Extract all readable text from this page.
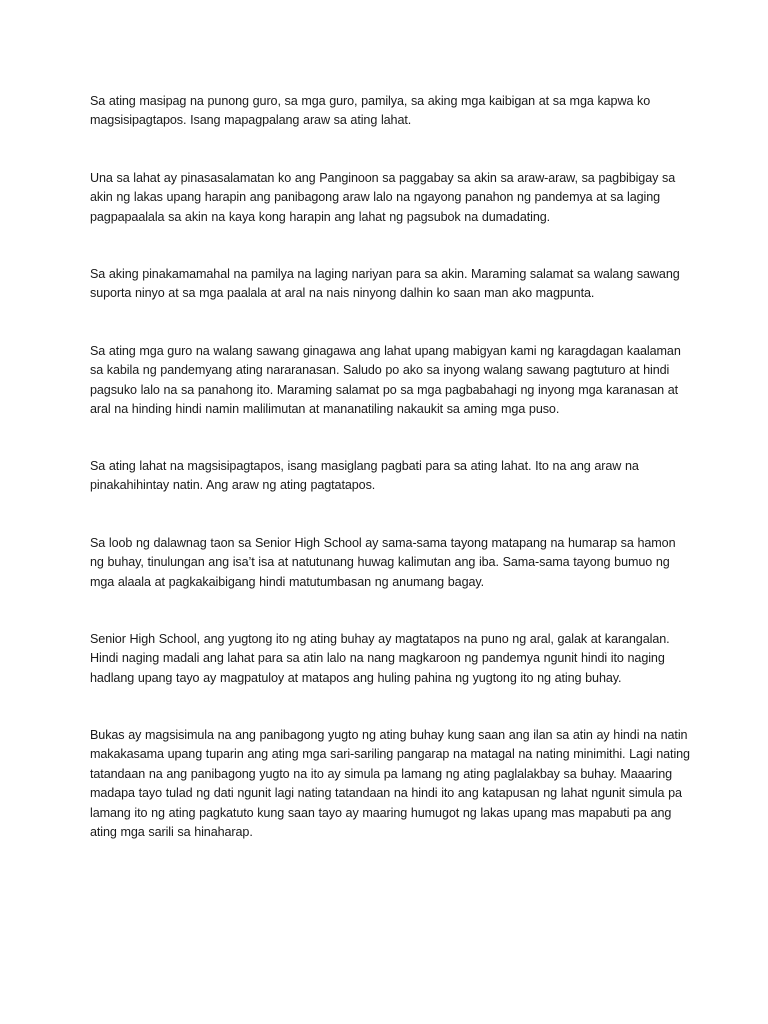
Sa ating masipag na punong guro, sa mga guro, pamilya, sa aking mga kaibigan at sa mga kapwa ko magsisipagtapos. Isang mapagpalang araw sa ating lahat.

Una sa lahat ay pinasasalamatan ko ang Panginoon sa paggabay sa akin sa araw-araw, sa pagbibigay sa akin ng lakas upang harapin ang panibagong araw lalo na ngayong panahon ng pandemya at sa laging pagpapaalala sa akin na kaya kong harapin ang lahat ng pagsubok na dumadating.

Sa aking pinakamamahal na pamilya na laging nariyan para sa akin. Maraming salamat sa walang sawang suporta ninyo at sa mga paalala at aral na nais ninyong dalhin ko saan man ako magpunta.

Sa ating mga guro na walang sawang ginagawa ang lahat upang mabigyan kami ng karagdagan kaalaman sa kabila ng pandemyang ating nararanasan. Saludo po ako sa inyong walang sawang pagtuturo at hindi pagsuko lalo na sa panahong ito. Maraming salamat po sa mga pagbabahagi ng inyong mga karanasan at aral na hinding hindi namin malilimutan at mananatiling nakaukit sa aming mga puso.

Sa ating lahat na magsisipagtapos, isang masiglang pagbati para sa ating lahat. Ito na ang araw na pinakahihintay natin. Ang araw ng ating pagtatapos.

Sa loob ng dalawnag taon sa Senior High School ay sama-sama tayong matapang na humarap sa hamon ng buhay, tinulungan ang isa’t isa at natutunang huwag kalimutan ang iba. Sama-sama tayong bumuo ng mga alaala at pagkakaibigang hindi matutumbasan ng anumang bagay.

Senior High School, ang yugtong ito ng ating buhay ay magtatapos na puno ng aral, galak at karangalan. Hindi naging madali ang lahat para sa atin lalo na nang magkaroon ng pandemya ngunit hindi ito naging hadlang upang tayo ay magpatuloy at matapos ang huling pahina ng yugtong ito ng ating buhay.

Bukas ay magsisimula na ang panibagong yugto ng ating buhay kung saan ang ilan sa atin ay hindi na natin makakasama upang tuparin ang ating mga sari-sariling pangarap na matagal na nating minimithi. Lagi nating tatandaan na ang panibagong yugto na ito ay simula pa lamang ng ating paglalakbay sa buhay. Maaaring madapa tayo tulad ng dati ngunit lagi nating tatandaan na hindi ito ang katapusan ng lahat ngunit simula pa lamang ito ng ating pagkatuto kung saan tayo ay maaring humugot ng lakas upang mas mapabuti pa ang ating mga sarili sa hinaharap.
